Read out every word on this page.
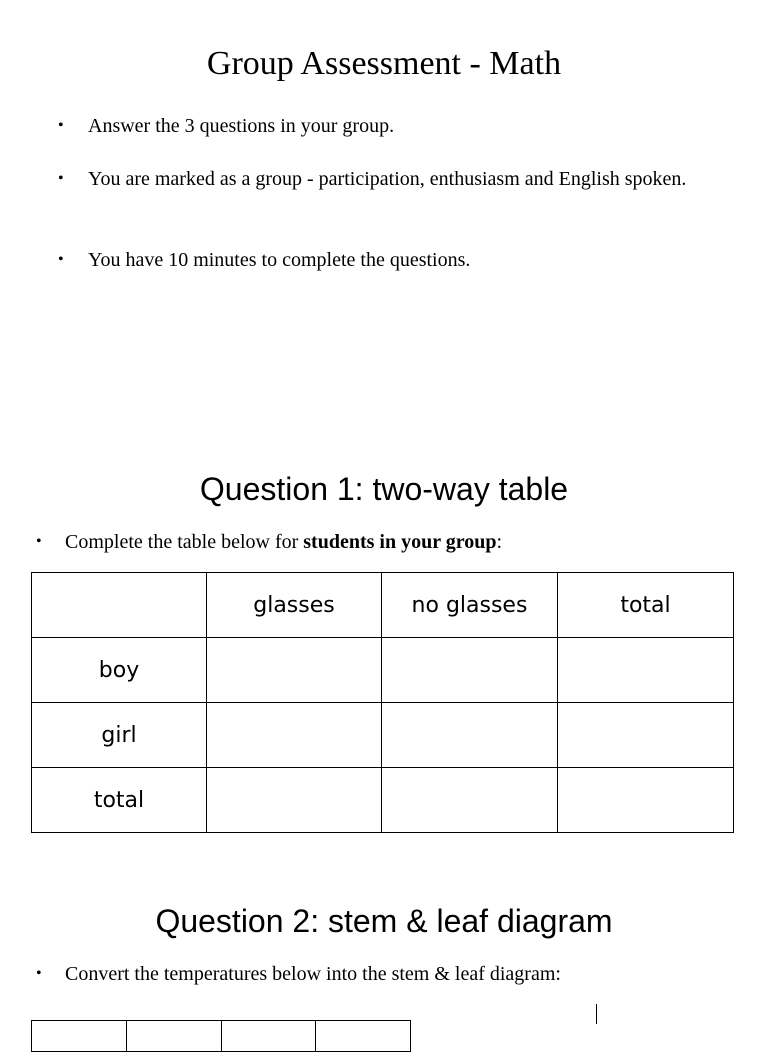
Group Assessment - Math
• Answer the 3 questions in your group.
• You are marked as a group - participation, enthusiasm and English spoken.
• You have 10 minutes to complete the questions.
Question 1: two-way table
• Complete the table below for students in your group:
	glasses	no glasses	total
boy			
girl			
total			
Question 2: stem & leaf diagram
• Convert the temperatures below into the stem & leaf diagram:
